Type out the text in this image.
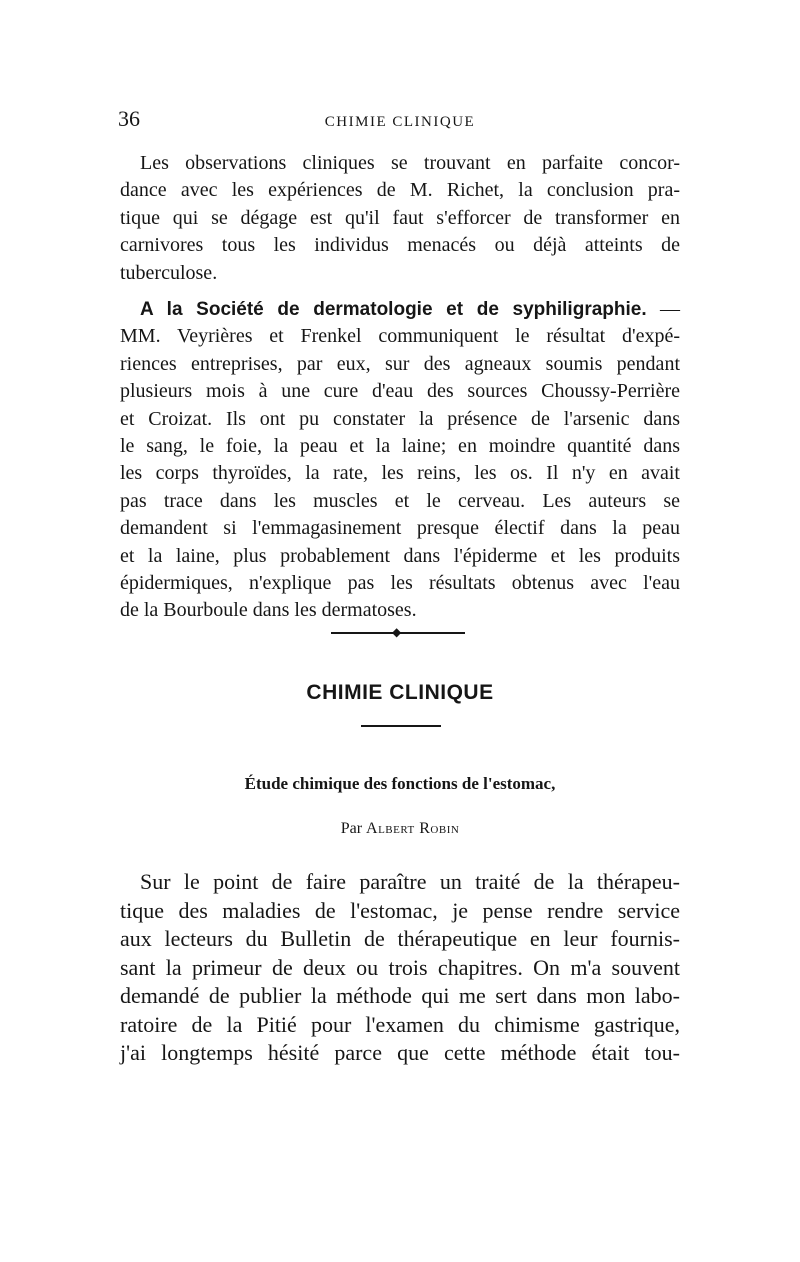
36	CHIMIE CLINIQUE
Les observations cliniques se trouvant en parfaite concor-
dance avec les expériences de M. Richet, la conclusion pra-
tique qui se dégage est qu'il faut s'efforcer de transformer en
carnivores tous les individus menacés ou déjà atteints de
tuberculose.
A la Société de dermatologie et de syphiligraphie. —
MM. Veyrières et Frenkel communiquent le résultat d'expé-
riences entreprises, par eux, sur des agneaux soumis pendant
plusieurs mois à une cure d'eau des sources Choussy-Perrière
et Croizat. Ils ont pu constater la présence de l'arsenic dans
le sang, le foie, la peau et la laine; en moindre quantité dans
les corps thyroïdes, la rate, les reins, les os. Il n'y en avait
pas trace dans les muscles et le cerveau. Les auteurs se
demandent si l'emmagasinement presque électif dans la peau
et la laine, plus probablement dans l'épiderme et les produits
épidermiques, n'explique pas les résultats obtenus avec l'eau
de la Bourboule dans les dermatoses.
◆
CHIMIE CLINIQUE
Étude chimique des fonctions de l'estomac,
Par Albert Robin
Sur le point de faire paraître un traité de la thérapeu-
tique des maladies de l'estomac, je pense rendre service
aux lecteurs du Bulletin de thérapeutique en leur fournis-
sant la primeur de deux ou trois chapitres. On m'a souvent
demandé de publier la méthode qui me sert dans mon labo-
ratoire de la Pitié pour l'examen du chimisme gastrique,
j'ai longtemps hésité parce que cette méthode était tou-
